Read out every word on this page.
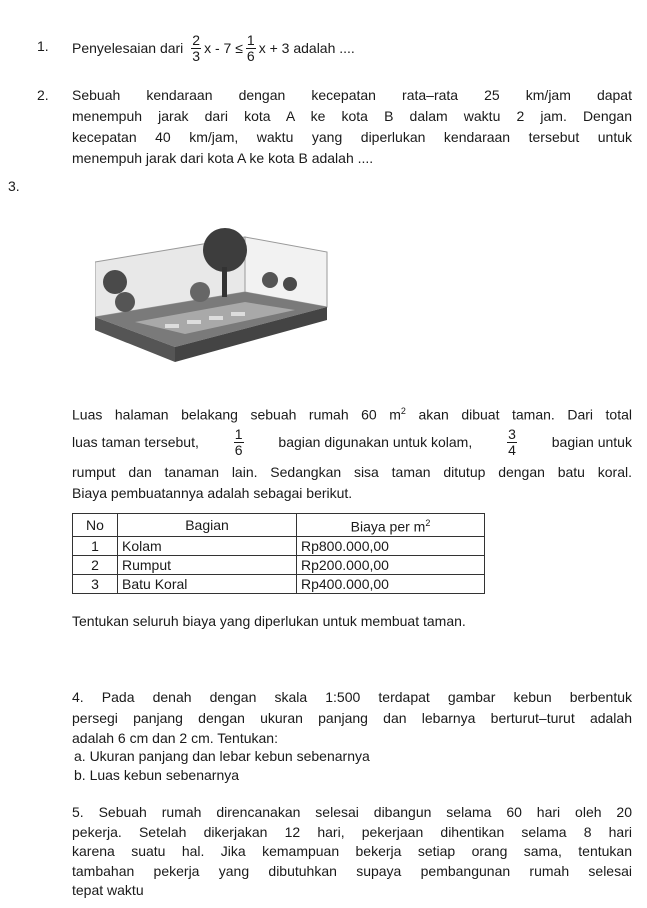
1. Penyelesaian dari $\frac{2}{3}$ $x - 7 \le \frac{1}{6}$ x + 3 adalah ....
2. Sebuah kendaraan dengan kecepatan rata–rata 25 km/jam dapat
menempuh jarak dari kota A ke kota B dalam waktu 2 jam. Dengan
kecepatan 40 km/jam, waktu yang diperlukan kendaraan tersebut untuk
menempuh jarak dari kota A ke kota B adalah ....
3.
Luas halaman belakang sebuah rumah 60 $m^2$ akan dibuat taman. Dari total
luas taman tersebut, $\frac{1}{6}$ bagian digunakan untuk kolam, $\frac{3}{4}$ bagian untuk
rumput dan tanaman lain. Sedangkan sisa taman ditutup dengan batu koral.
Biaya pembuatannya adalah sebagai berikut.
No	Bagian	Biaya per $m^2$
1	Kolam	Rp800.000,00
2	Rumput	Rp200.000,00
3	Batu Koral	Rp400.000,00
Tentukan seluruh biaya yang diperlukan untuk membuat taman.
4. Pada denah dengan skala 1:500 terdapat gambar kebun berbentuk
persegi panjang dengan ukuran panjang dan lebarnya berturut–turut adalah
adalah 6 cm dan 2 cm. Tentukan:
a. Ukuran panjang dan lebar kebun sebenarnya
b. Luas kebun sebenarnya
5. Sebuah rumah direncanakan selesai dibangun selama 60 hari oleh 20
pekerja. Setelah dikerjakan 12 hari, pekerjaan dihentikan selama 8 hari
karena suatu hal. Jika kemampuan bekerja setiap orang sama, tentukan
tambahan pekerja yang dibutuhkan supaya pembangunan rumah selesai
tepat waktu
